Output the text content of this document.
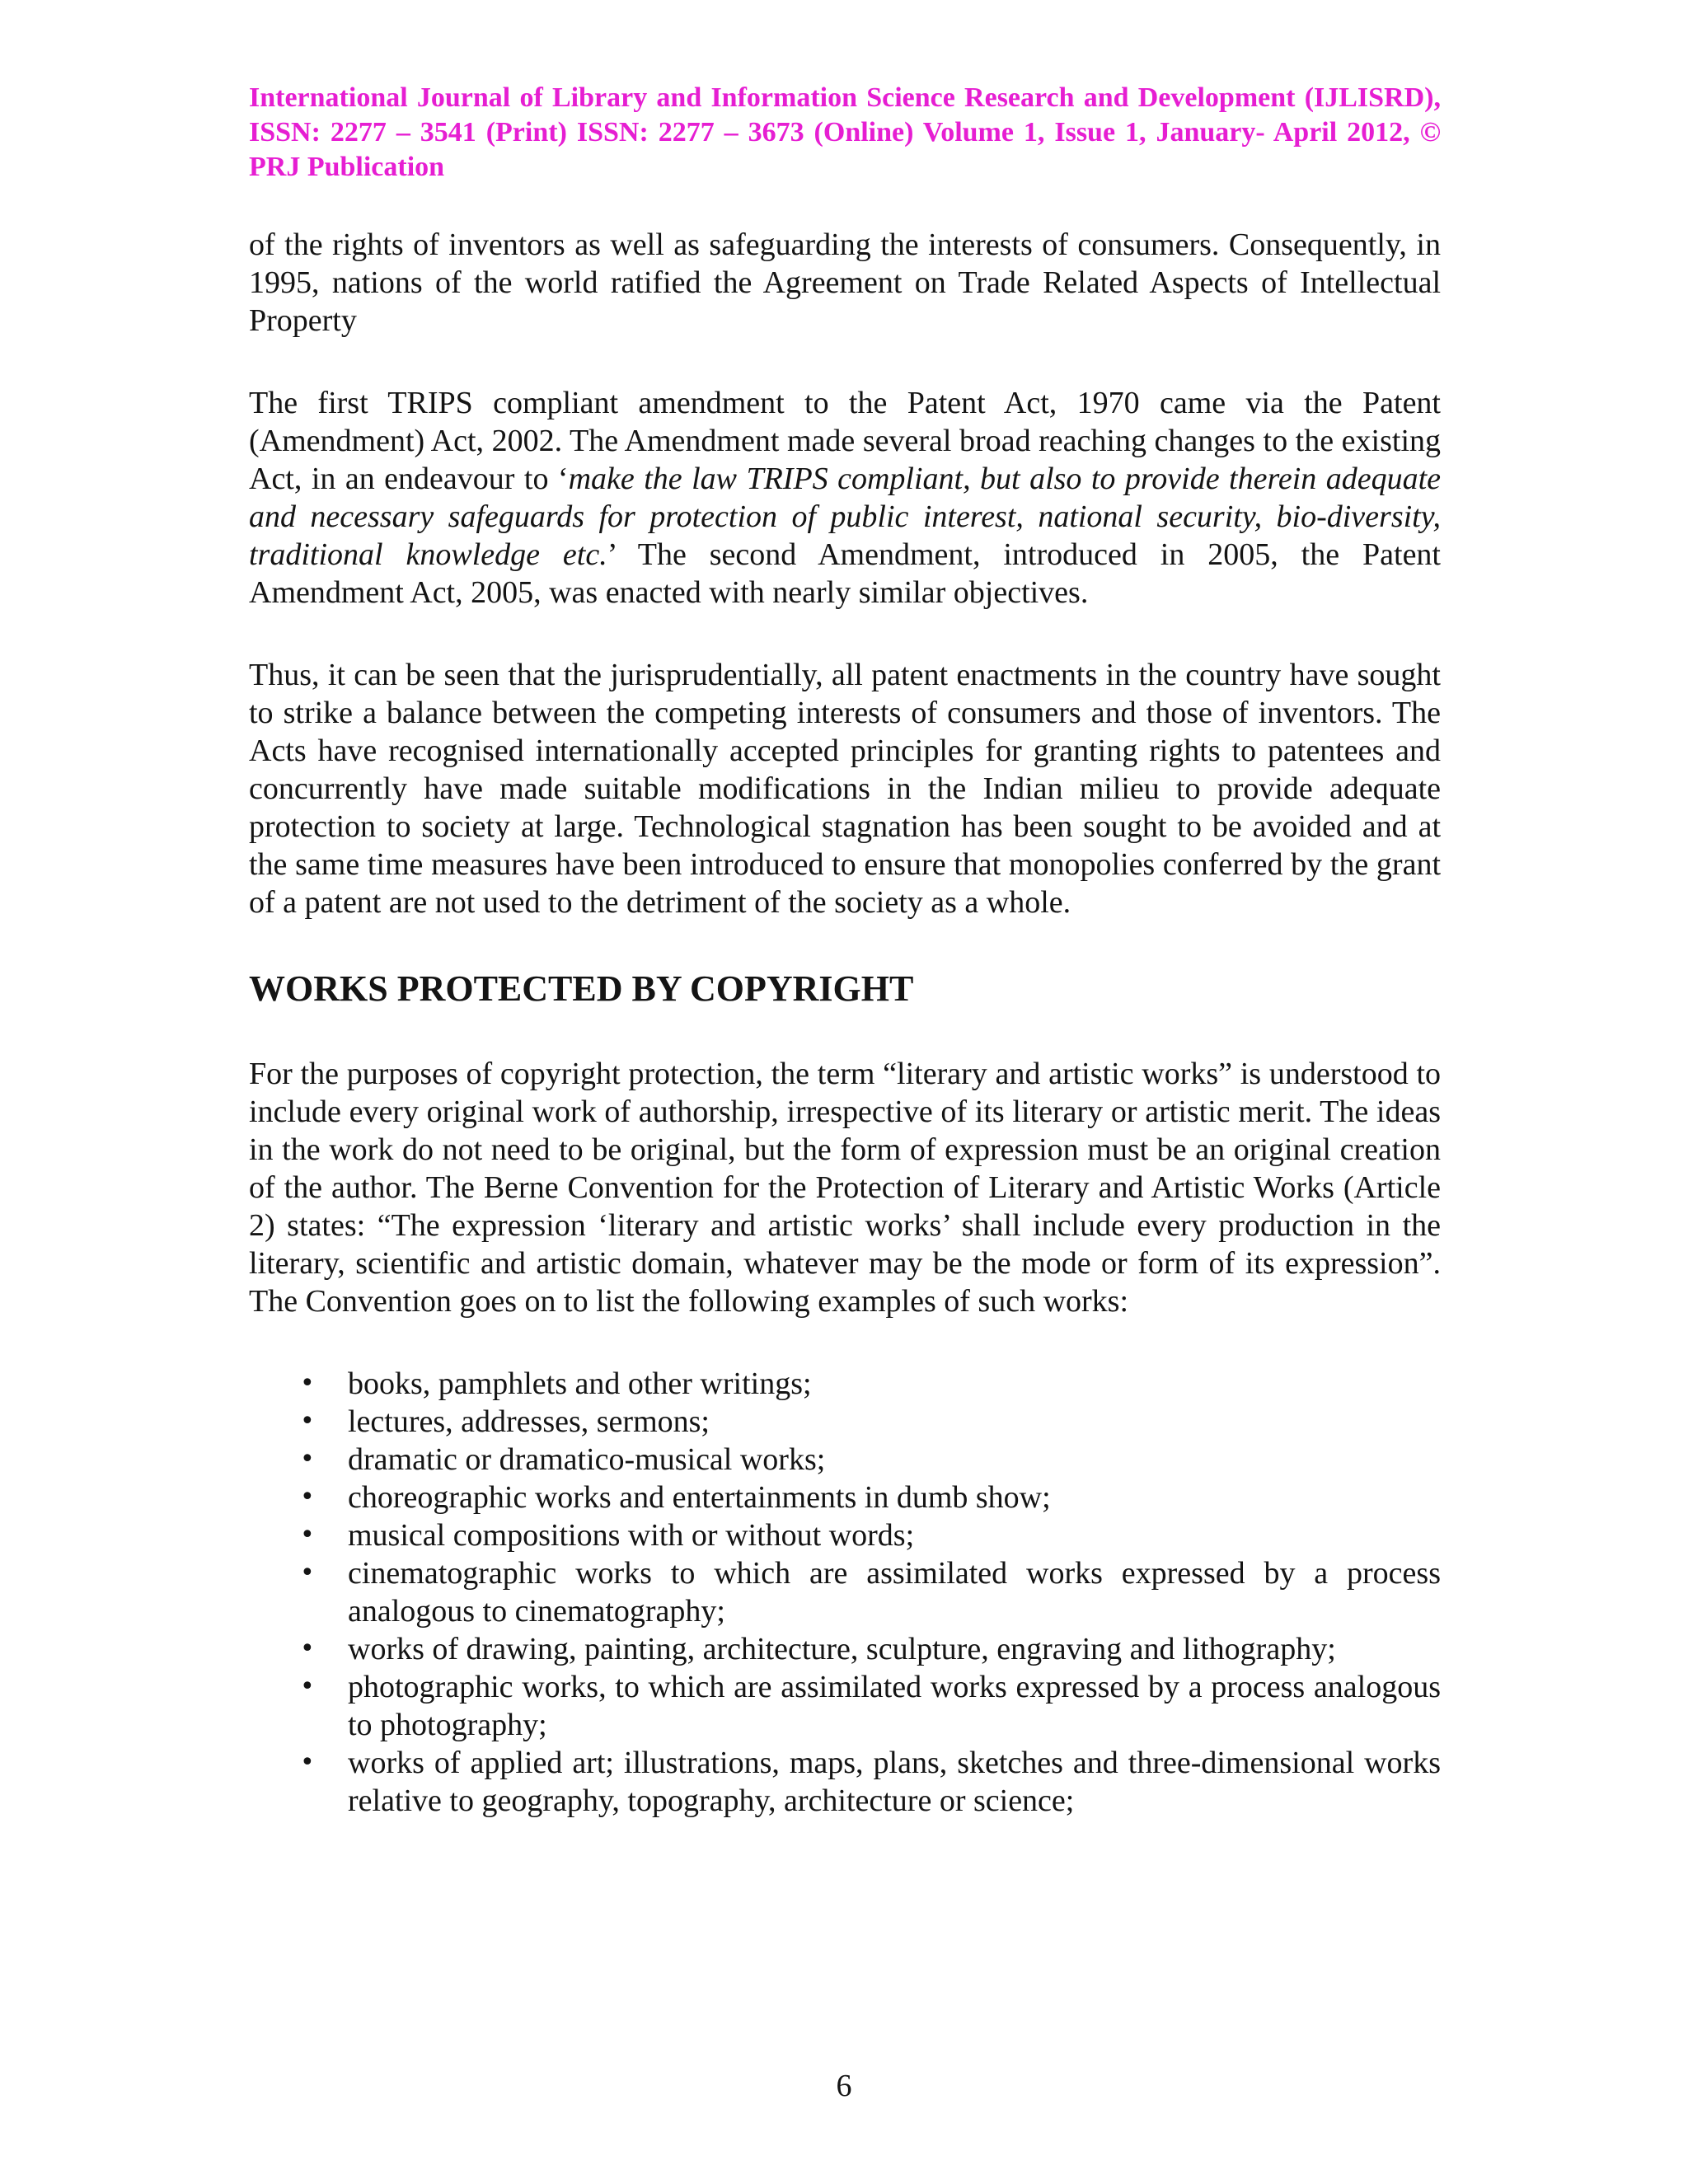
International Journal of Library and Information Science Research and Development (IJLISRD), ISSN: 2277 – 3541 (Print) ISSN: 2277 – 3673 (Online) Volume 1, Issue 1, January- April 2012, © PRJ Publication

of the rights of inventors as well as safeguarding the interests of consumers. Consequently, in 1995, nations of the world ratified the Agreement on Trade Related Aspects of Intellectual Property

The first TRIPS compliant amendment to the Patent Act, 1970 came via the Patent (Amendment) Act, 2002. The Amendment made several broad reaching changes to the existing Act, in an endeavour to ‘make the law TRIPS compliant, but also to provide therein adequate and necessary safeguards for protection of public interest, national security, bio-diversity, traditional knowledge etc.’ The second Amendment, introduced in 2005, the Patent Amendment Act, 2005, was enacted with nearly similar objectives.

Thus, it can be seen that the jurisprudentially, all patent enactments in the country have sought to strike a balance between the competing interests of consumers and those of inventors. The Acts have recognised internationally accepted principles for granting rights to patentees and concurrently have made suitable modifications in the Indian milieu to provide adequate protection to society at large. Technological stagnation has been sought to be avoided and at the same time measures have been introduced to ensure that monopolies conferred by the grant of a patent are not used to the detriment of the society as a whole.

WORKS PROTECTED BY COPYRIGHT

For the purposes of copyright protection, the term “literary and artistic works” is understood to include every original work of authorship, irrespective of its literary or artistic merit. The ideas in the work do not need to be original, but the form of expression must be an original creation of the author. The Berne Convention for the Protection of Literary and Artistic Works (Article 2) states: “The expression ‘literary and artistic works’ shall include every production in the literary, scientific and artistic domain, whatever may be the mode or form of its expression”. The Convention goes on to list the following examples of such works:

• books, pamphlets and other writings;
• lectures, addresses, sermons;
• dramatic or dramatico-musical works;
• choreographic works and entertainments in dumb show;
• musical compositions with or without words;
• cinematographic works to which are assimilated works expressed by a process analogous to cinematography;
• works of drawing, painting, architecture, sculpture, engraving and lithography;
• photographic works, to which are assimilated works expressed by a process analogous to photography;
• works of applied art; illustrations, maps, plans, sketches and three-dimensional works relative to geography, topography, architecture or science;

6
